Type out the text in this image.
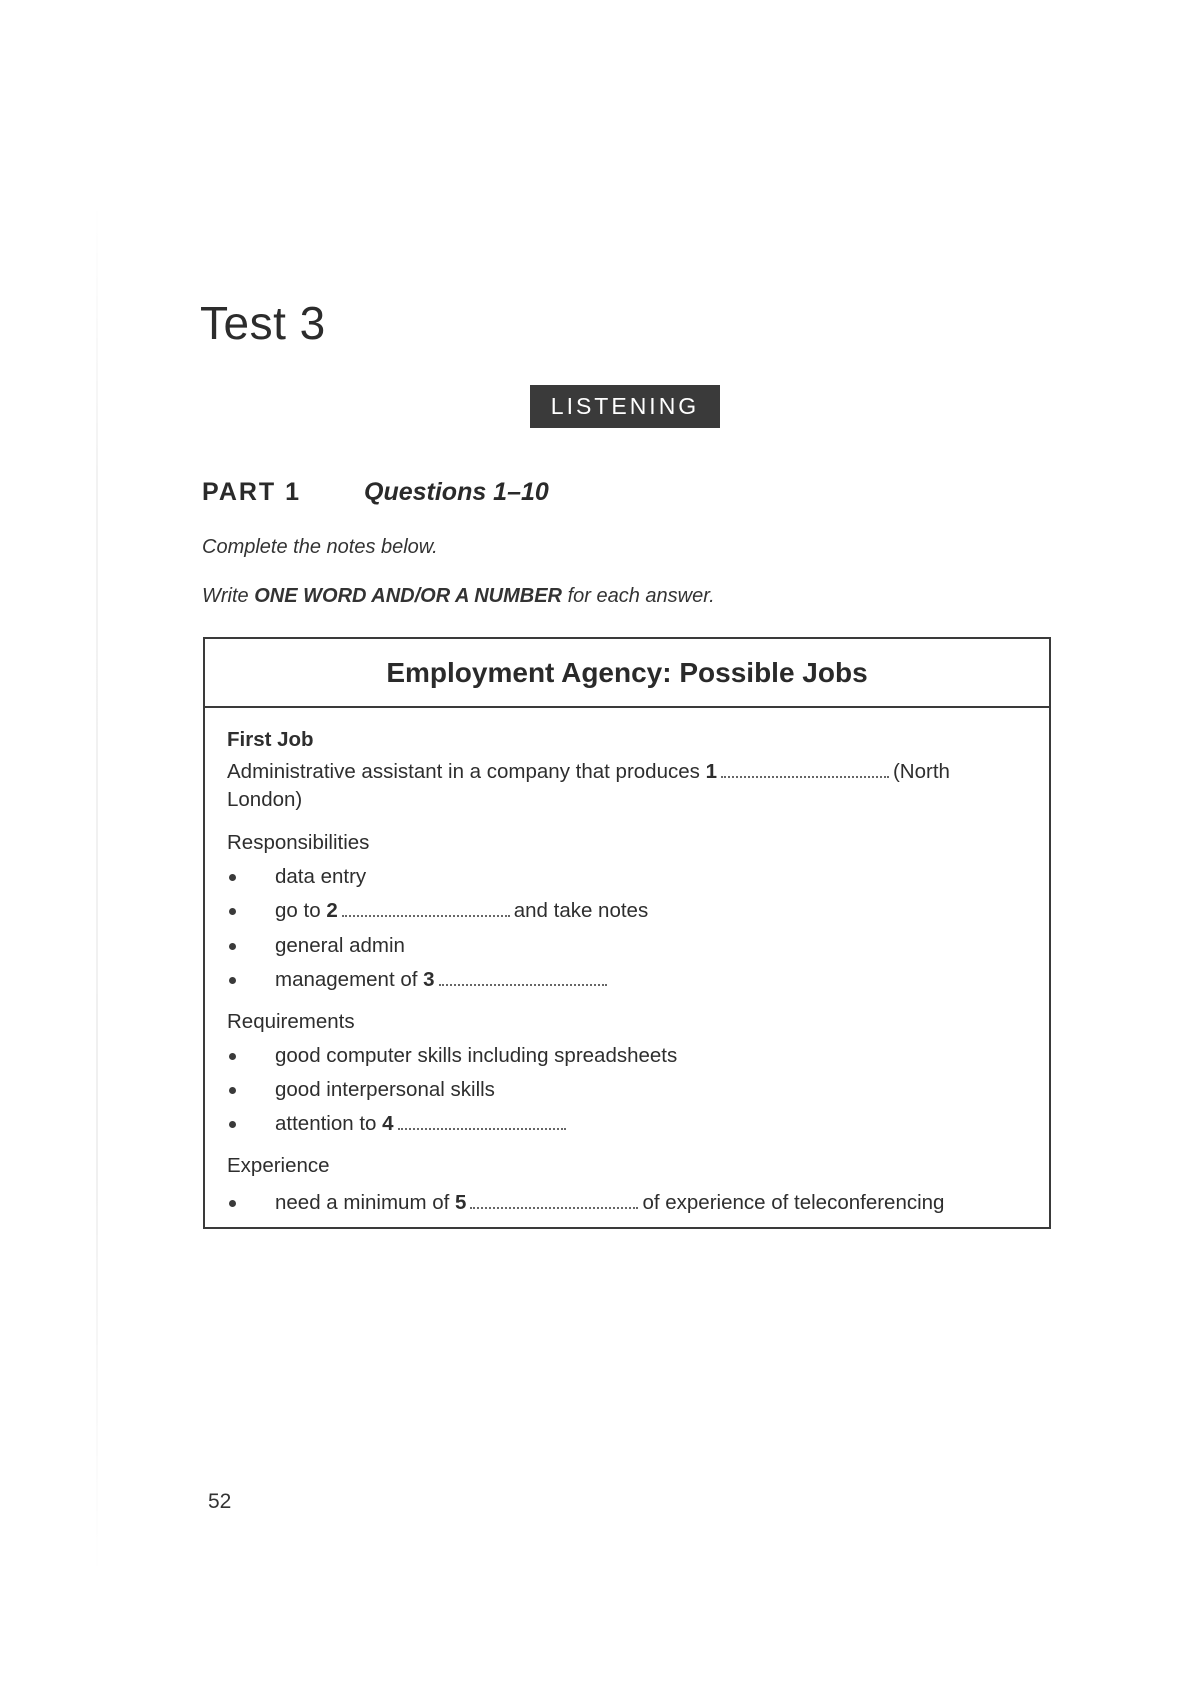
Test 3
LISTENING
PART 1	Questions 1–10
Complete the notes below.
Write ONE WORD AND/OR A NUMBER for each answer.
Employment Agency: Possible Jobs
First Job
Administrative assistant in a company that produces 1	(North
London)
Responsibilities
data entry
go to 2	and take notes
general admin
management of 3
Requirements
good computer skills including spreadsheets
good interpersonal skills
attention to 4
Experience
need a minimum of 5	of experience of teleconferencing
52
